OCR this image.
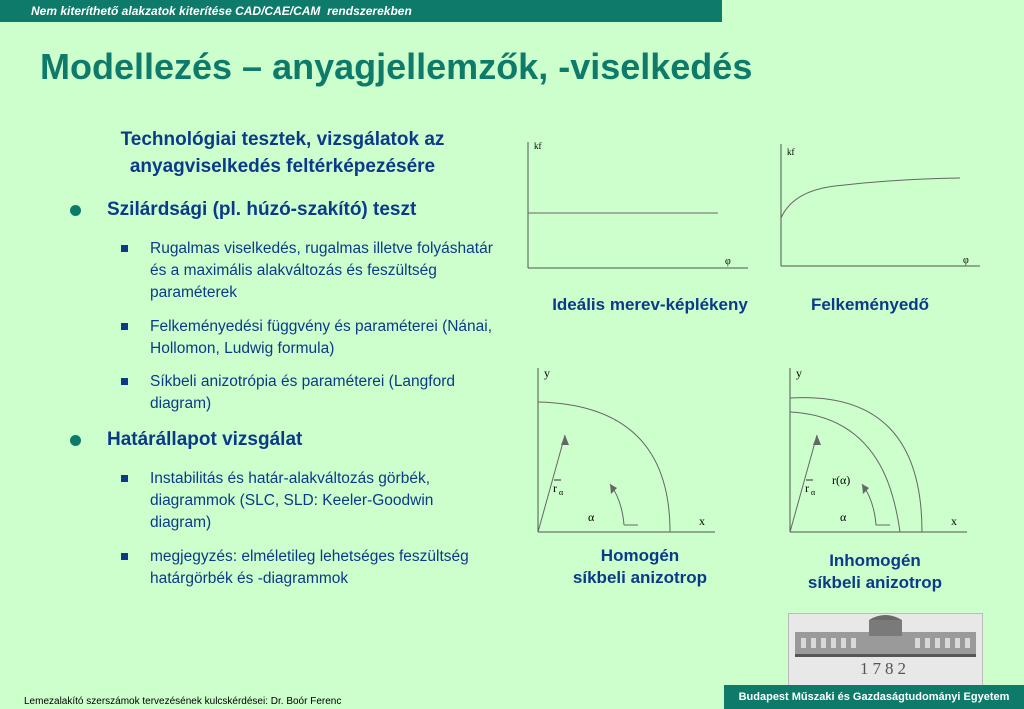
Nem kiteríthető alakzatok kiterítése CAD/CAE/CAM  rendszerekben
Modellezés – anyagjellemzők, -viselkedés
Technológiai tesztek, vizsgálatok az anyagviselkedés feltérképezésére
Szilárdsági (pl. húzó-szakító) teszt
Rugalmas viselkedés, rugalmas illetve folyáshatár és a maximális alakváltozás és feszültség paraméterek
Felkeményedési függvény és paraméterei (Nánai, Hollomon, Ludwig formula)
Síkbeli anizotrópia és paraméterei (Langford diagram)
Határállapot vizsgálat
Instabilitás és határ-alakváltozás görbék, diagrammok (SLC, SLD: Keeler-Goodwin diagram)
megjegyzés: elméletileg lehetséges feszültség határgörbék és -diagrammok
kf
φ
Ideális merev-képlékeny
kf
φ
Felkeményedő
y
x
r α
α
Homogén
síkbeli anizotrop
y
x
r α
r(α)
α
Inhomogén
síkbeli anizotrop
1782
Lemezalakító szerszámok tervezésének kulcskérdései: Dr. Boór Ferenc	Budapest Műszaki és Gazdaságtudományi Egyetem
